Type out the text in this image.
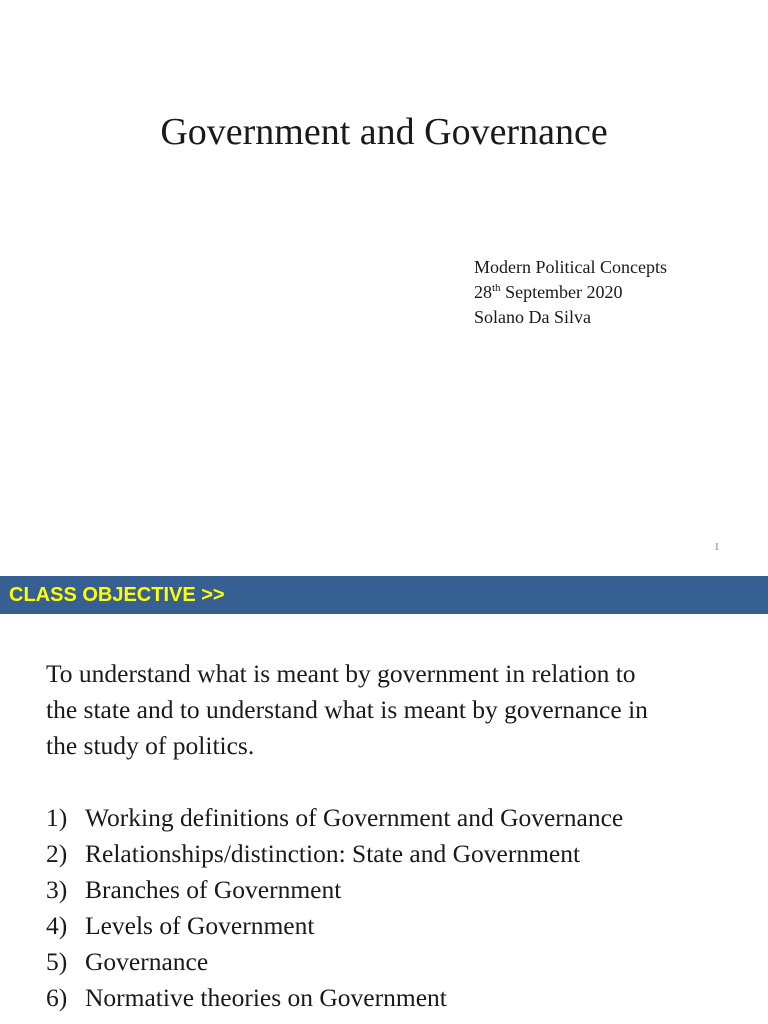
Government and Governance
Modern Political Concepts
28th September 2020
Solano Da Silva
1
CLASS OBJECTIVE >>
To understand what is meant by government in relation to
the state and to understand what is meant by governance in
the study of politics.
1) Working definitions of Government and Governance
2) Relationships/distinction: State and Government
3) Branches of Government
4) Levels of Government
5) Governance
6) Normative theories on Government
